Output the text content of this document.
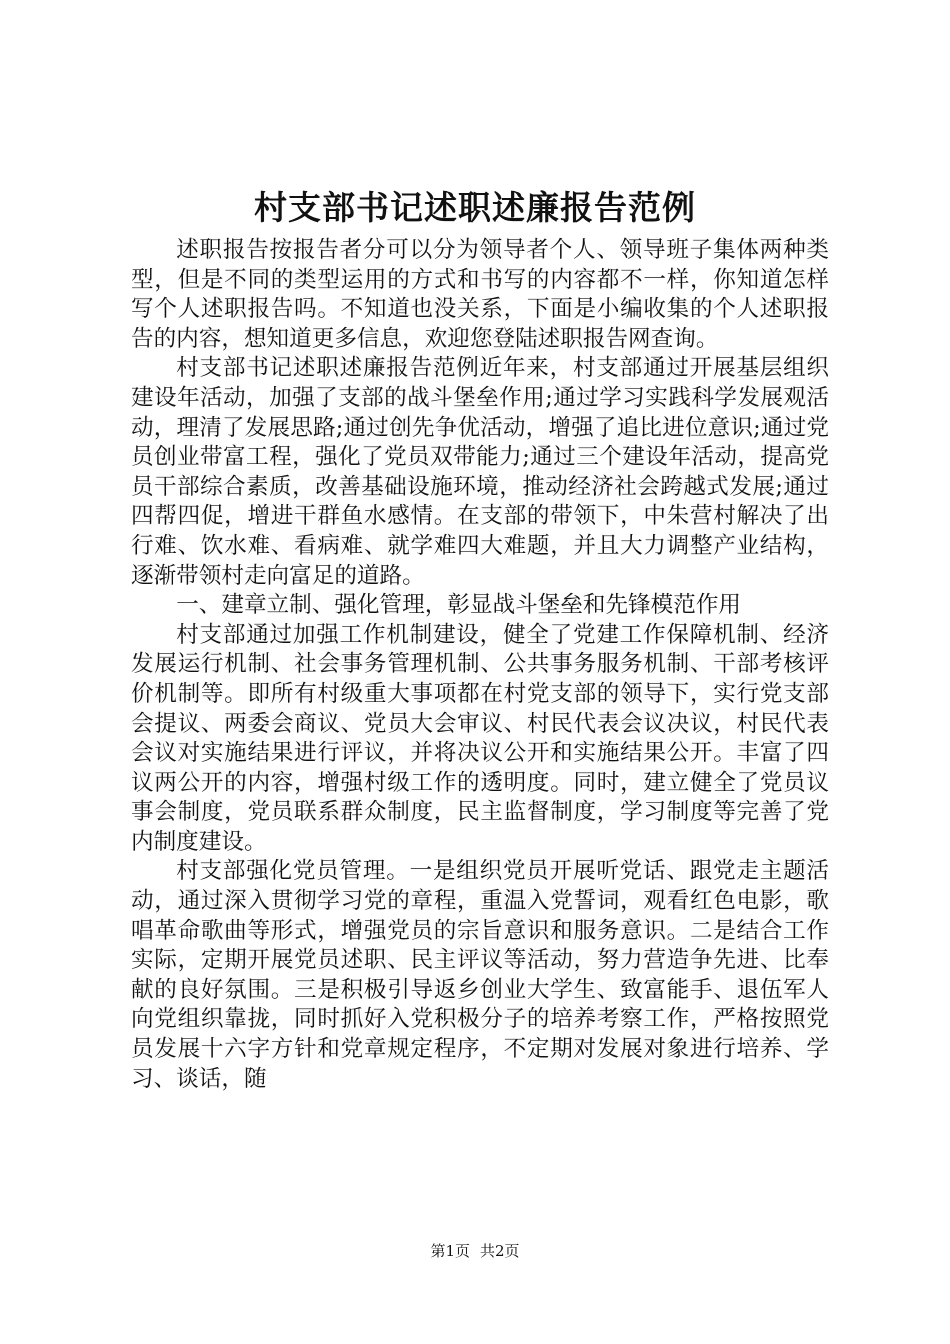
村支部书记述职述廉报告范例

述职报告按报告者分可以分为领导者个人、领导班子集体两种类型，但是不同的类型运用的方式和书写的内容都不一样，你知道怎样写个人述职报告吗。不知道也没关系，下面是小编收集的个人述职报告的内容，想知道更多信息，欢迎您登陆述职报告网查询。

村支部书记述职述廉报告范例近年来，村支部通过开展基层组织建设年活动，加强了支部的战斗堡垒作用;通过学习实践科学发展观活动，理清了发展思路;通过创先争优活动，增强了追比进位意识;通过党员创业带富工程，强化了党员双带能力;通过三个建设年活动，提高党员干部综合素质，改善基础设施环境，推动经济社会跨越式发展;通过四帮四促，增进干群鱼水感情。在支部的带领下，中朱营村解决了出行难、饮水难、看病难、就学难四大难题，并且大力调整产业结构，逐渐带领村走向富足的道路。

一、建章立制、强化管理，彰显战斗堡垒和先锋模范作用

村支部通过加强工作机制建设，健全了党建工作保障机制、经济发展运行机制、社会事务管理机制、公共事务服务机制、干部考核评价机制等。即所有村级重大事项都在村党支部的领导下，实行党支部会提议、两委会商议、党员大会审议、村民代表会议决议，村民代表会议对实施结果进行评议，并将决议公开和实施结果公开。丰富了四议两公开的内容，增强村级工作的透明度。同时，建立健全了党员议事会制度，党员联系群众制度，民主监督制度，学习制度等完善了党内制度建设。

村支部强化党员管理。一是组织党员开展听党话、跟党走主题活动，通过深入贯彻学习党的章程，重温入党誓词，观看红色电影，歌唱革命歌曲等形式，增强党员的宗旨意识和服务意识。二是结合工作实际，定期开展党员述职、民主评议等活动，努力营造争先进、比奉献的良好氛围。三是积极引导返乡创业大学生、致富能手、退伍军人向党组织靠拢，同时抓好入党积极分子的培养考察工作，严格按照党员发展十六字方针和党章规定程序，不定期对发展对象进行培养、学习、谈话，随

第1页 共2页
